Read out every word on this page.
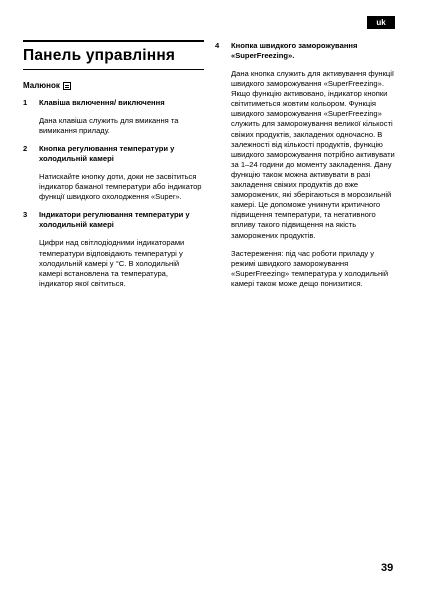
uk
Панель управління
Малюнок
1	Клавіша включення/ виключення

Дана клавіша служить для вмикання та вимикання приладу.

2	Кнопка регулювання температури у холодильній камері

Натискайте кнопку доти, доки не засвітиться індикатор бажаної температури або індикатор функції швидкого охолодження «Super».

3	Індикатори регулювання температури у холодильній камері

Цифри над світлодіодними індикаторами температури відповідають температурі у холодильній камері у °С. В холодильній камері встановлена та температура, індикатор якої світиться.

4	Кнопка швидкого заморожування «SuperFreezing».

Дана кнопка служить для активування функції швидкого заморожування «SuperFreezing». Якщо функцію активовано, індикатор кнопки світитиметься жовтим кольором. Функція швидкого заморожування «SuperFreezing» служить для заморожування великої кількості свіжих продуктів, закладених одночасно. В залежності від кількості продуктів, функцію швидкого заморожування потрібно активувати за 1–24 години до моменту закладення. Дану функцію також можна активувати в разі закладення свіжих продуктів до вже заморожених, які зберігаються в морозильній камері. Це допоможе уникнути критичного підвищення температури, та негативного впливу такого підвищення на якість заморожених продуктів.

Застереження: під час роботи приладу у режимі швидкого заморожування «SuperFreezing» температура у холодильній камері також може дещо понизитися.

39
